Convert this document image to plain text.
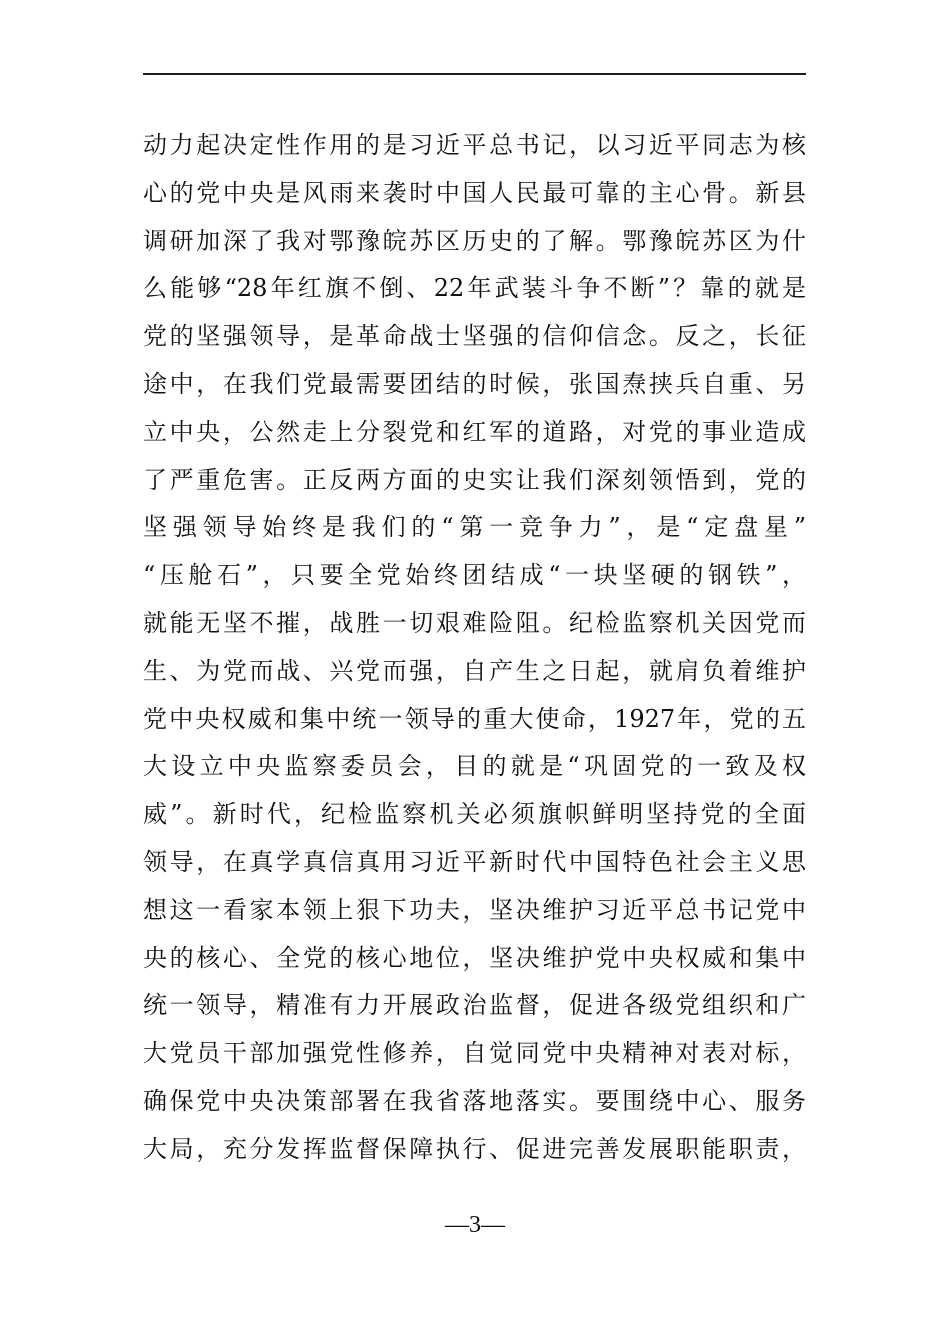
动力起决定性作用的是习近平总书记，以习近平同志为核
心的党中央是风雨来袭时中国人民最可靠的主心骨。新县
调研加深了我对鄂豫皖苏区历史的了解。鄂豫皖苏区为什
么能够“28年红旗不倒、22年武装斗争不断”？靠的就是
党的坚强领导，是革命战士坚强的信仰信念。反之，长征
途中，在我们党最需要团结的时候，张国焘挟兵自重、另
立中央，公然走上分裂党和红军的道路，对党的事业造成
了严重危害。正反两方面的史实让我们深刻领悟到，党的
坚强领导始终是我们的“第一竞争力”，是“定盘星”
“压舱石”，只要全党始终团结成“一块坚硬的钢铁”，
就能无坚不摧，战胜一切艰难险阻。纪检监察机关因党而
生、为党而战、兴党而强，自产生之日起，就肩负着维护
党中央权威和集中统一领导的重大使命，1927年，党的五
大设立中央监察委员会，目的就是“巩固党的一致及权
威”。新时代，纪检监察机关必须旗帜鲜明坚持党的全面
领导，在真学真信真用习近平新时代中国特色社会主义思
想这一看家本领上狠下功夫，坚决维护习近平总书记党中
央的核心、全党的核心地位，坚决维护党中央权威和集中
统一领导，精准有力开展政治监督，促进各级党组织和广
大党员干部加强党性修养，自觉同党中央精神对表对标，
确保党中央决策部署在我省落地落实。要围绕中心、服务
大局，充分发挥监督保障执行、促进完善发展职能职责，
—3—
